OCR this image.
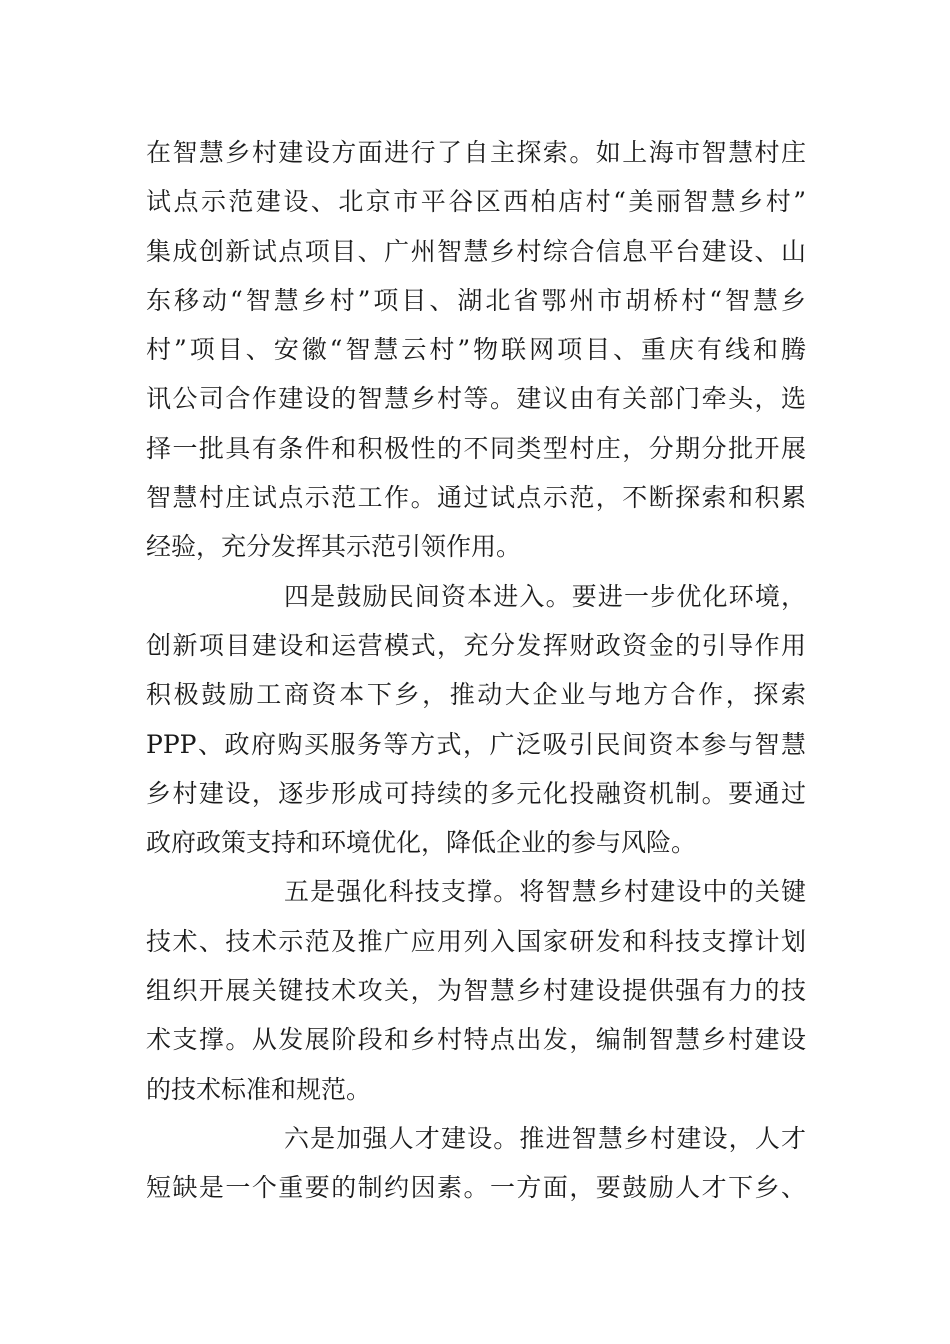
在智慧乡村建设方面进行了自主探索。如上海市智慧村庄
试点示范建设、北京市平谷区西柏店村“美丽智慧乡村”
集成创新试点项目、广州智慧乡村综合信息平台建设、山
东移动“智慧乡村”项目、湖北省鄂州市胡桥村“智慧乡
村”项目、安徽“智慧云村”物联网项目、重庆有线和腾
讯公司合作建设的智慧乡村等。建议由有关部门牵头，选
择一批具有条件和积极性的不同类型村庄，分期分批开展
智慧村庄试点示范工作。通过试点示范，不断探索和积累
经验，充分发挥其示范引领作用。
四是鼓励民间资本进入。要进一步优化环境，
创新项目建设和运营模式，充分发挥财政资金的引导作用
积极鼓励工商资本下乡，推动大企业与地方合作，探索
PPP、政府购买服务等方式，广泛吸引民间资本参与智慧
乡村建设，逐步形成可持续的多元化投融资机制。要通过
政府政策支持和环境优化，降低企业的参与风险。
五是强化科技支撑。将智慧乡村建设中的关键
技术、技术示范及推广应用列入国家研发和科技支撑计划
组织开展关键技术攻关，为智慧乡村建设提供强有力的技
术支撑。从发展阶段和乡村特点出发，编制智慧乡村建设
的技术标准和规范。
六是加强人才建设。推进智慧乡村建设，人才
短缺是一个重要的制约因素。一方面，要鼓励人才下乡、
